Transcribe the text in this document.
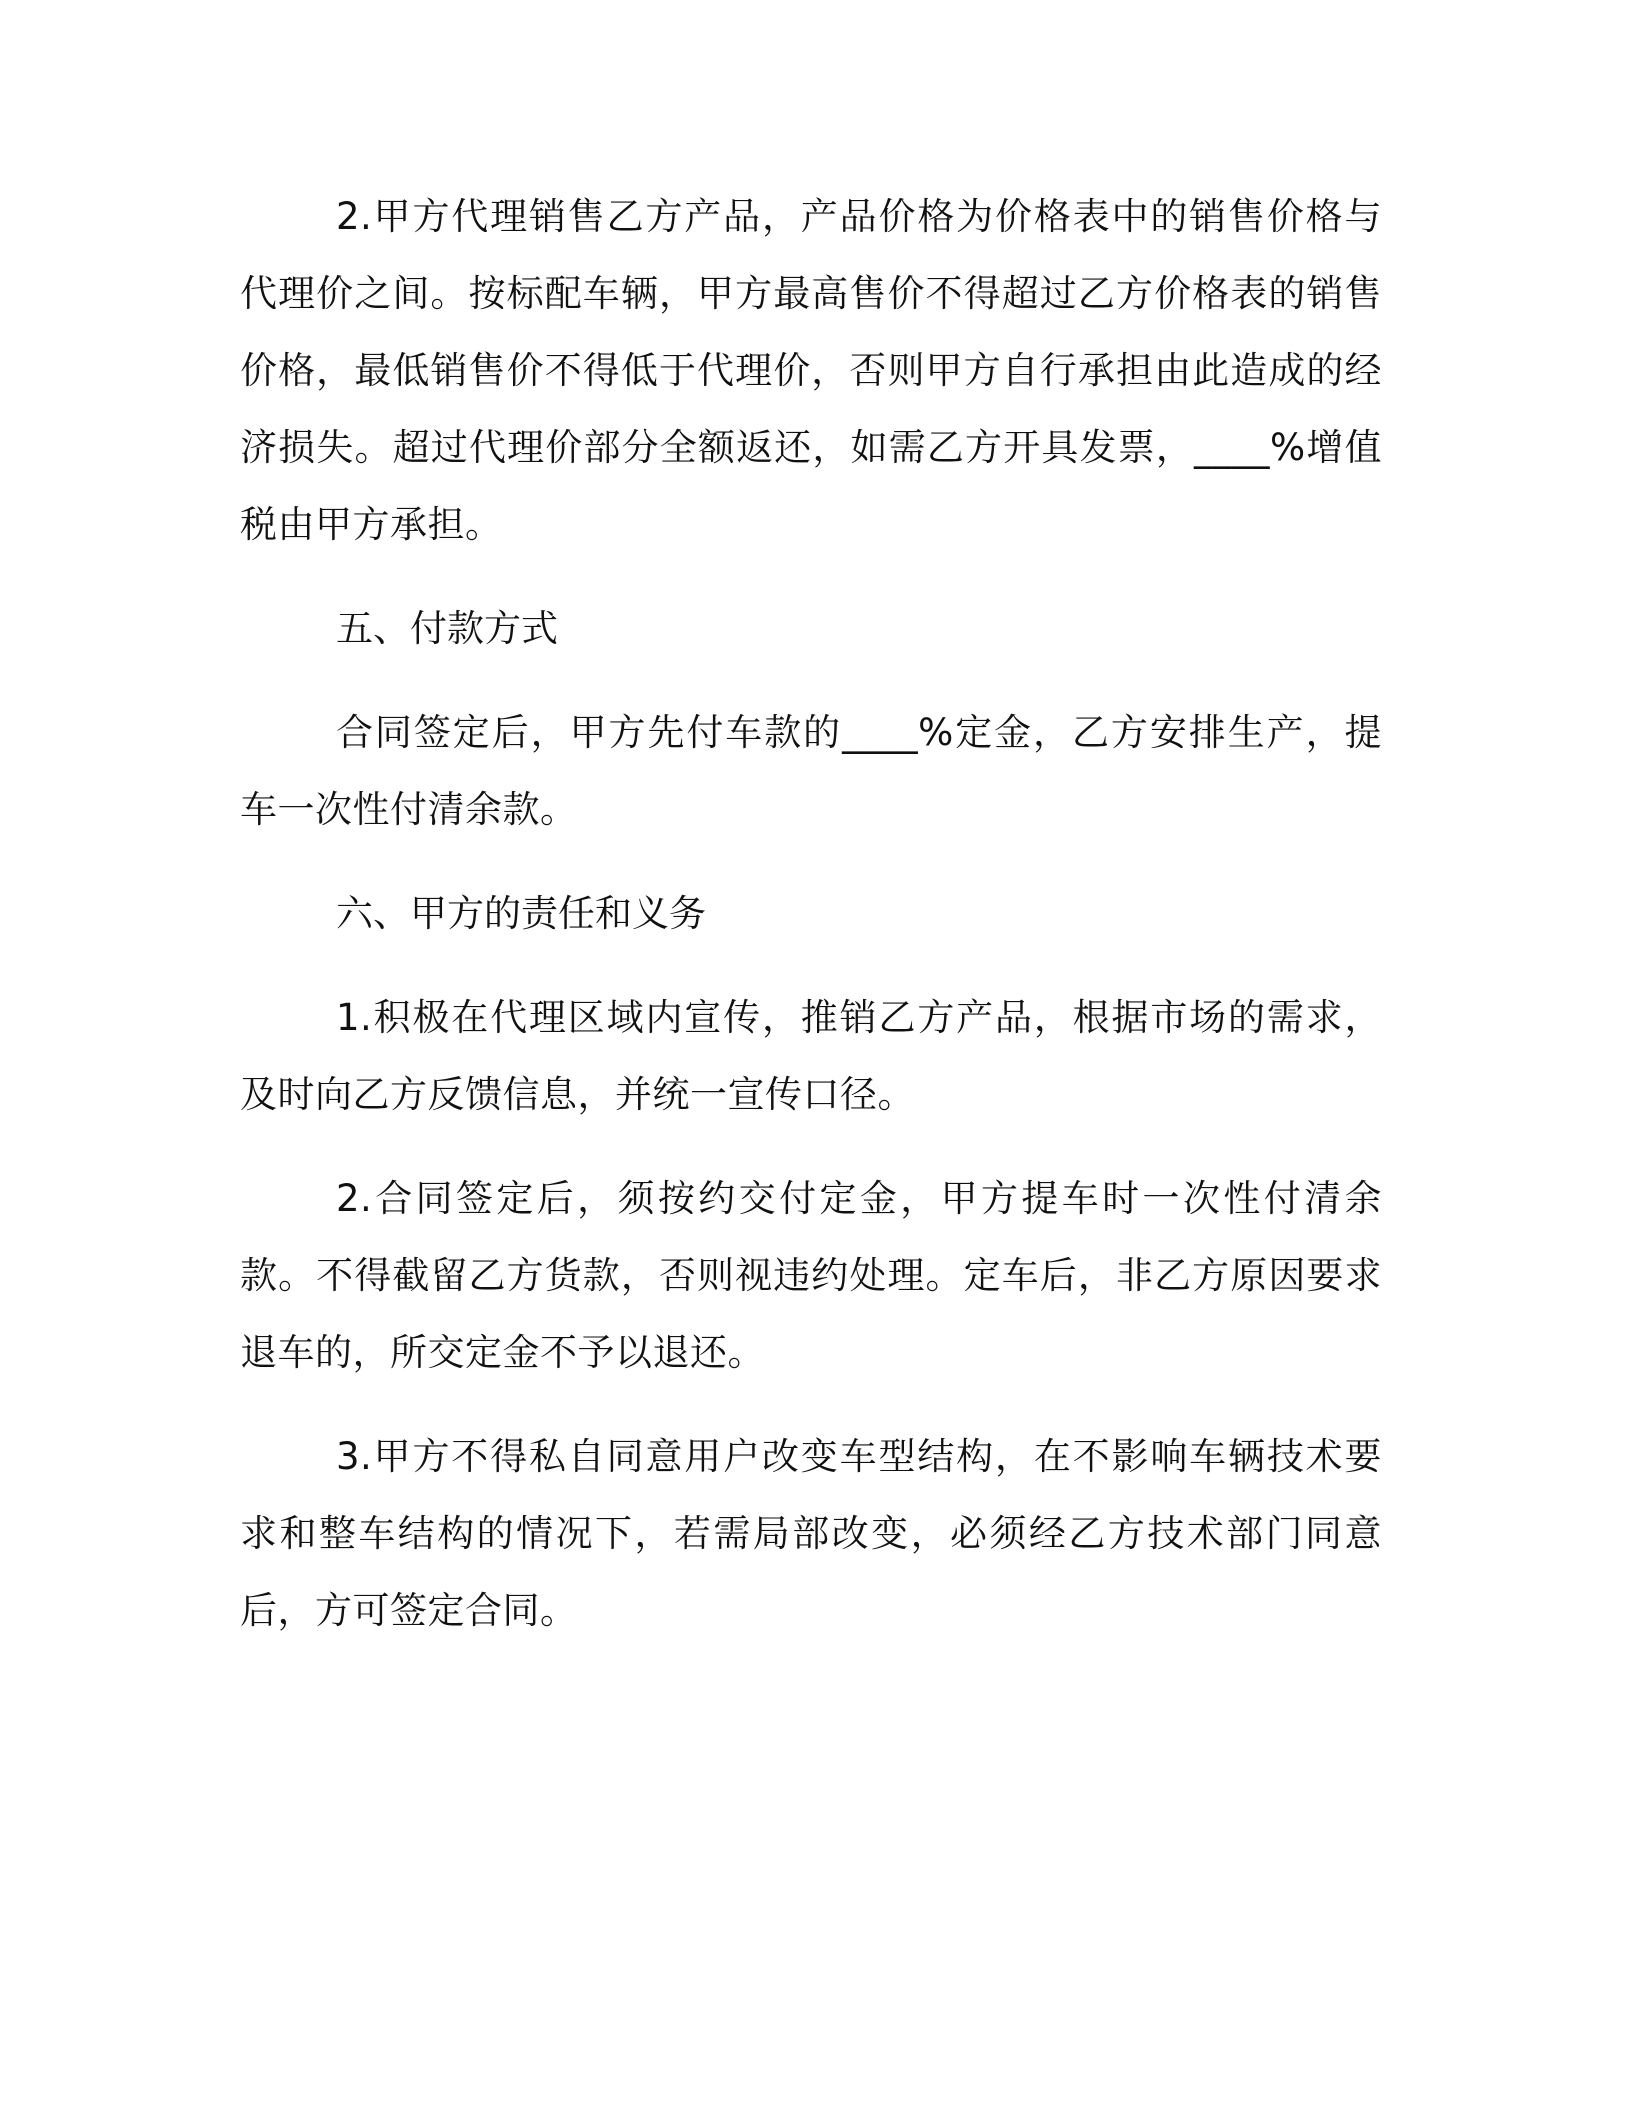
2.甲方代理销售乙方产品，产品价格为价格表中的销售价格与代理价之间。按标配车辆，甲方最高售价不得超过乙方价格表的销售价格，最低销售价不得低于代理价，否则甲方自行承担由此造成的经济损失。超过代理价部分全额返还，如需乙方开具发票，____%增值税由甲方承担。

五、付款方式

合同签定后，甲方先付车款的____%定金，乙方安排生产，提车一次性付清余款。

六、甲方的责任和义务

1.积极在代理区域内宣传，推销乙方产品，根据市场的需求，及时向乙方反馈信息，并统一宣传口径。

2.合同签定后，须按约交付定金，甲方提车时一次性付清余款。不得截留乙方货款，否则视违约处理。定车后，非乙方原因要求退车的，所交定金不予以退还。

3.甲方不得私自同意用户改变车型结构，在不影响车辆技术要求和整车结构的情况下，若需局部改变，必须经乙方技术部门同意后，方可签定合同。
